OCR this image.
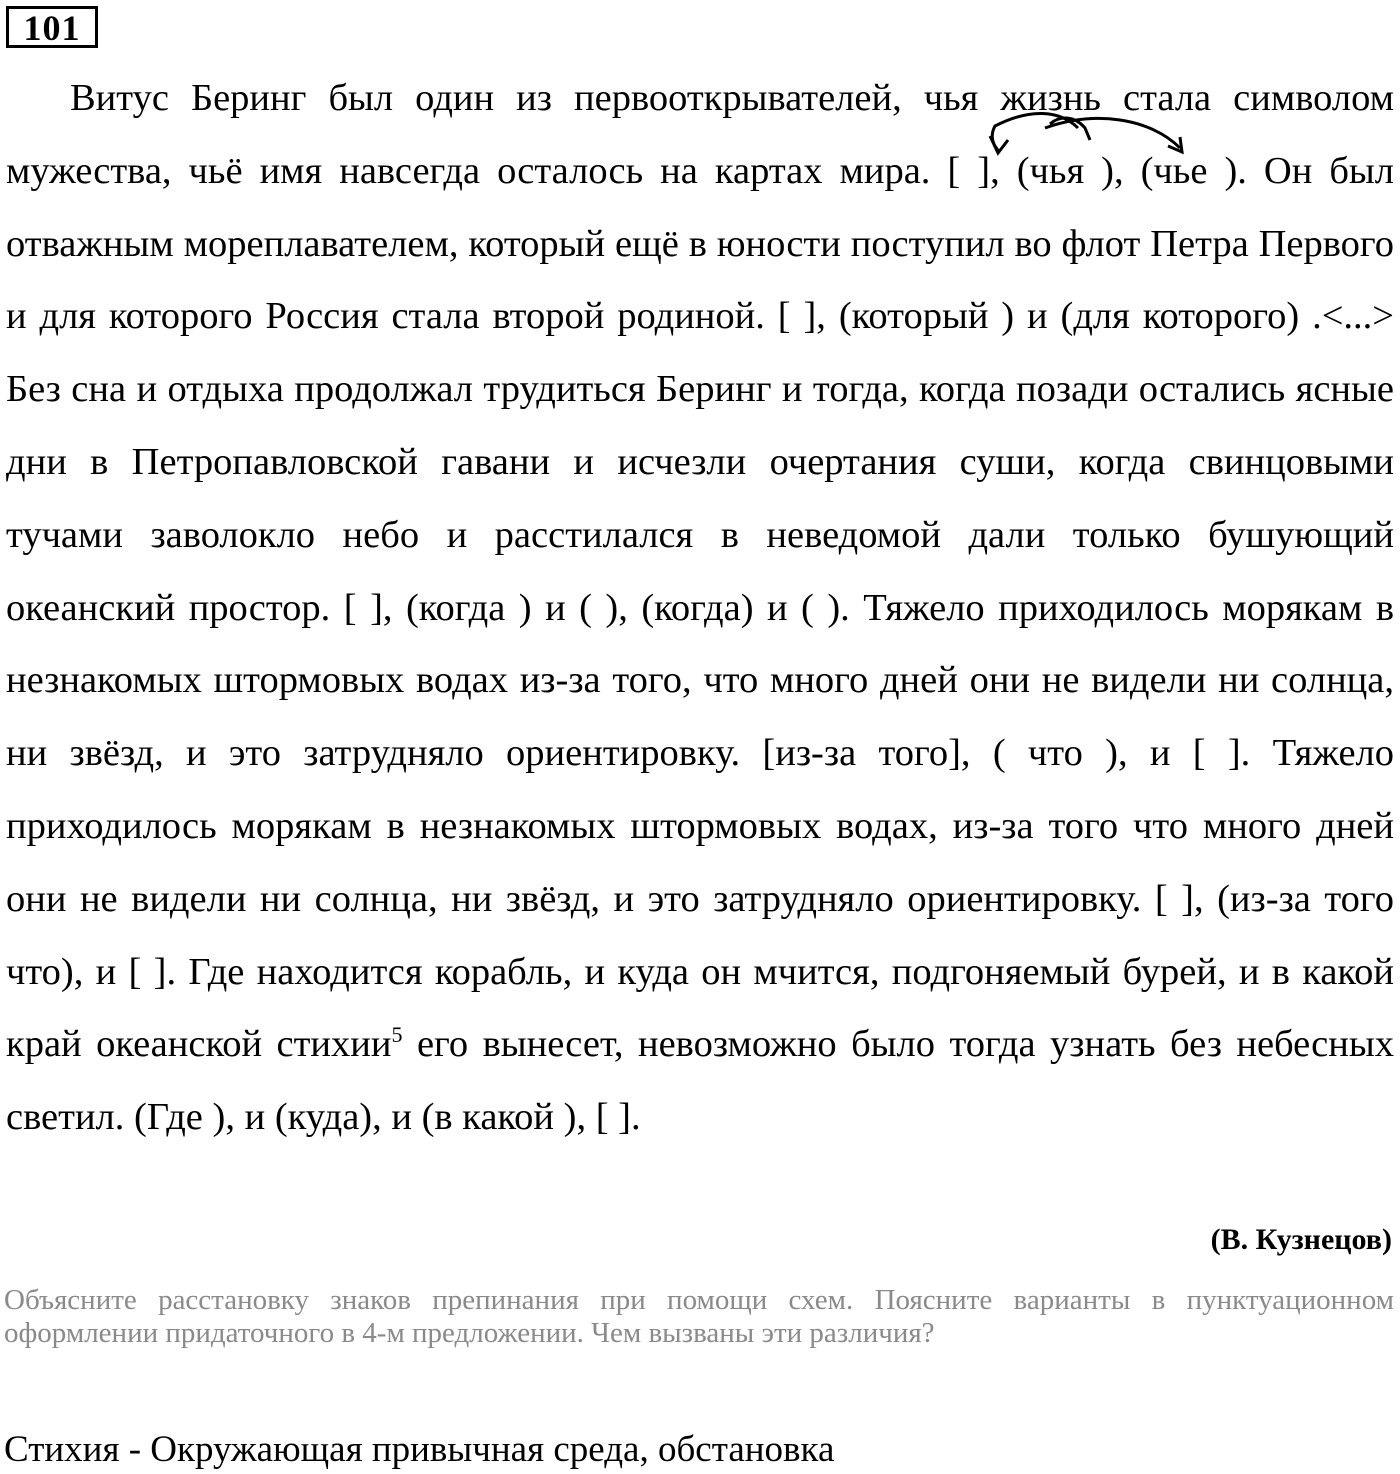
101

Витус Беринг был один из первооткрывателей, чья жизнь стала символом мужества, чьё имя навсегда осталось на картах мира. [ ], (чья ), (чье ). Он был отважным мореплавателем, который ещё в юности поступил во флот Петра Первого и для которого Россия стала второй родиной. [ ], (который ) и (для которого) .<...> Без сна и отдыха продолжал трудиться Беринг и тогда, когда позади остались ясные дни в Петропавловской гавани и исчезли очертания суши, когда свинцовыми тучами заволокло небо и расстилался в неведомой дали только бушующий океанский простор. [ ], (когда ) и ( ), (когда) и ( ). Тяжело приходилось морякам в незнакомых штормовых водах из-за того, что много дней они не видели ни солнца, ни звёзд, и это затрудняло ориентировку. [из-за того], ( что ), и [ ]. Тяжело приходилось морякам в незнакомых штормовых водах, из-за того что много дней они не видели ни солнца, ни звёзд, и это затрудняло ориентировку. [ ], (из-за того что), и [ ]. Где находится корабль, и куда он мчится, подгоняемый бурей, и в какой край океанской стихии$^5$ его вынесет, невозможно было тогда узнать без небесных светил. (Где ), и (куда), и (в какой ), [ ].

(В. Кузнецов)

Объясните расстановку знаков препинания при помощи схем. Поясните варианты в пунктуационном оформлении придаточного в 4-м предложении. Чем вызваны эти различия?

Стихия - Окружающая привычная среда, обстановка
